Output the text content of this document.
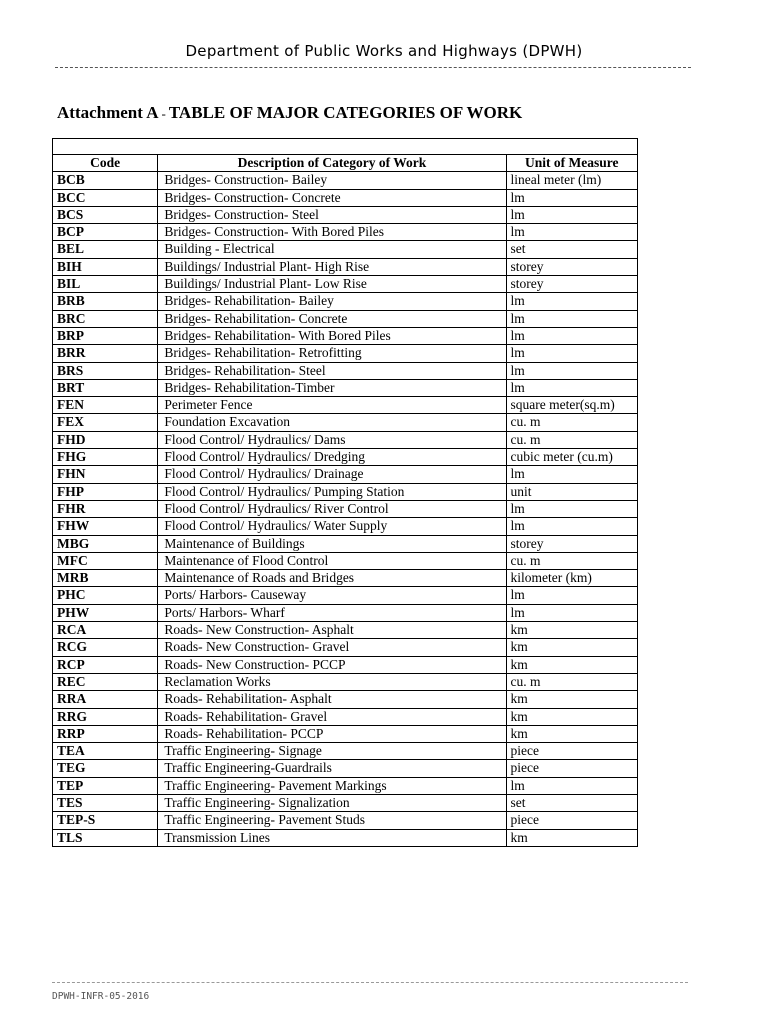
Department of Public Works and Highways (DPWH)
Attachment A - TABLE OF MAJOR CATEGORIES OF WORK

Code	Description of Category of Work	Unit of Measure
BCB	Bridges- Construction- Bailey	lineal meter (lm)
BCC	Bridges- Construction- Concrete	lm
BCS	Bridges- Construction- Steel	lm
BCP	Bridges- Construction- With Bored Piles	lm
BEL	Building - Electrical	set
BIH	Buildings/ Industrial Plant- High Rise	storey
BIL	Buildings/ Industrial Plant- Low Rise	storey
BRB	Bridges- Rehabilitation- Bailey	lm
BRC	Bridges- Rehabilitation- Concrete	lm
BRP	Bridges- Rehabilitation- With Bored Piles	lm
BRR	Bridges- Rehabilitation- Retrofitting	lm
BRS	Bridges- Rehabilitation- Steel	lm
BRT	Bridges- Rehabilitation-Timber	lm
FEN	Perimeter Fence	square meter(sq.m)
FEX	Foundation Excavation	cu. m
FHD	Flood Control/ Hydraulics/ Dams	cu. m
FHG	Flood Control/ Hydraulics/ Dredging	cubic meter (cu.m)
FHN	Flood Control/ Hydraulics/ Drainage	lm
FHP	Flood Control/ Hydraulics/ Pumping Station	unit
FHR	Flood Control/ Hydraulics/ River Control	lm
FHW	Flood Control/ Hydraulics/ Water Supply	lm
MBG	Maintenance of Buildings	storey
MFC	Maintenance of Flood Control	cu. m
MRB	Maintenance of Roads and Bridges	kilometer (km)
PHC	Ports/ Harbors- Causeway	lm
PHW	Ports/ Harbors- Wharf	lm
RCA	Roads- New Construction- Asphalt	km
RCG	Roads- New Construction- Gravel	km
RCP	Roads- New Construction- PCCP	km
REC	Reclamation Works	cu. m
RRA	Roads- Rehabilitation- Asphalt	km
RRG	Roads- Rehabilitation- Gravel	km
RRP	Roads- Rehabilitation- PCCP	km
TEA	Traffic Engineering- Signage	piece
TEG	Traffic Engineering-Guardrails	piece
TEP	Traffic Engineering- Pavement Markings	lm
TES	Traffic Engineering- Signalization	set
TEP-S	Traffic Engineering- Pavement Studs	piece
TLS	Transmission Lines	km
DPWH-INFR-05-2016
